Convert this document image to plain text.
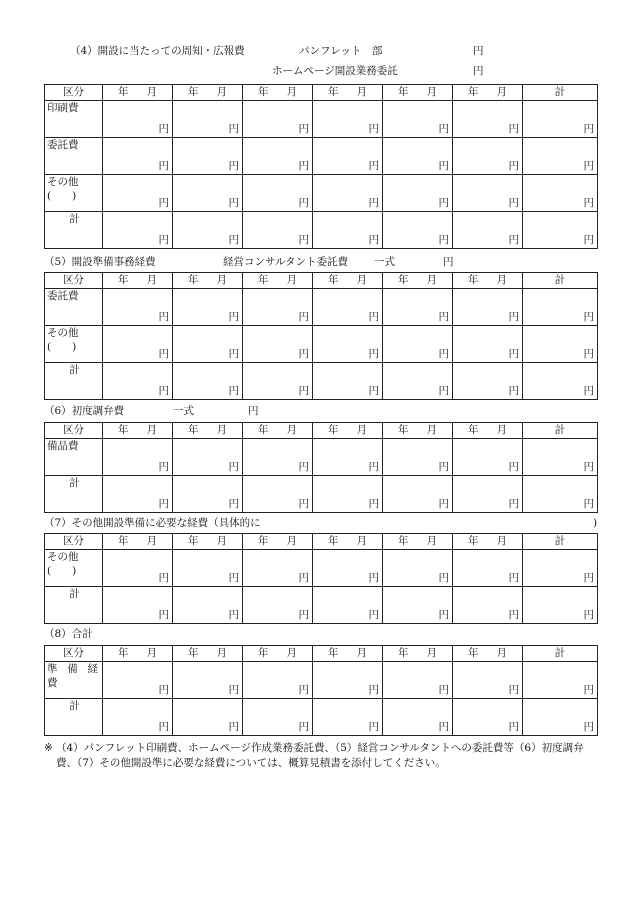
（4）開設に当たっての周知・広報費	パンフレット 部	円
ホームページ開設業務委託	円
区分	年 月	年 月	年 月	年 月	年 月	年 月	計

印刷費	円	円	円	円	円	円	円

委託費	円	円	円	円	円	円	円

その他
(　　)	円	円	円	円	円	円	円

計	円	円	円	円	円	円	円
（5）開設準備事務経費	経営コンサルタント委託費 一式	円
区分	年 月	年 月	年 月	年 月	年 月	年 月	計

委託費	円	円	円	円	円	円	円

その他
(　　)	円	円	円	円	円	円	円

計	円	円	円	円	円	円	円
（6）初度調弁費	一式	円
区分	年 月	年 月	年 月	年 月	年 月	年 月	計

備品費	円	円	円	円	円	円	円

計	円	円	円	円	円	円	円
（7）その他開設準備に必要な経費（具体的に	)
区分	年 月	年 月	年 月	年 月	年 月	年 月	計

その他
(　　)	円	円	円	円	円	円	円

計	円	円	円	円	円	円	円
（8）合計
区分	年 月	年 月	年 月	年 月	年 月	年 月	計

準 備 経
費	円	円	円	円	円	円	円

計	円	円	円	円	円	円	円
※ （4）パンフレット印刷費、ホームページ作成業務委託費、（5）経営コンサルタントへの委託費等（6）初度調弁費、（7）その他開設準に必要な経費については、概算見積書を添付してください。
